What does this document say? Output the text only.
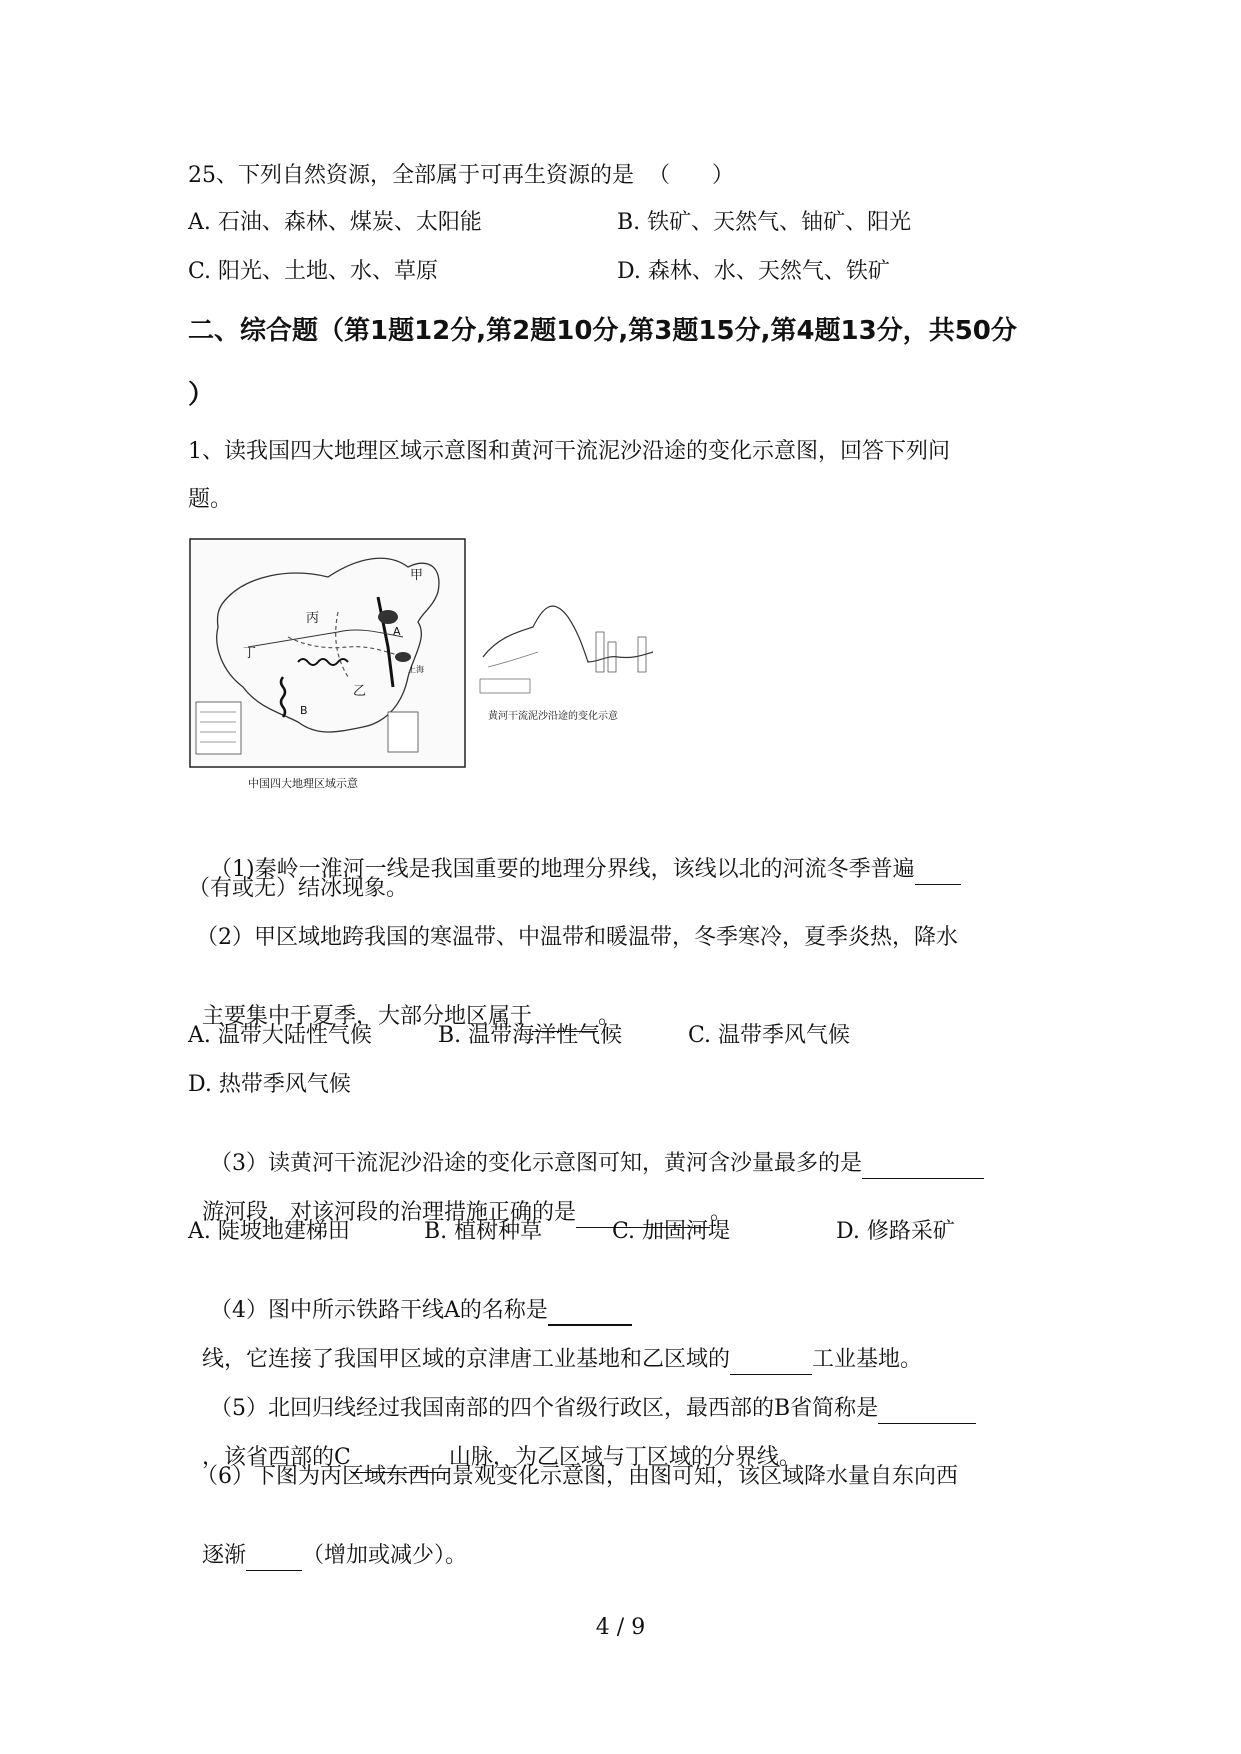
25、下列自然资源，全部属于可再生资源的是  （      ）
A. 石油、森林、煤炭、太阳能	B. 铁矿、天然气、铀矿、阳光
C. 阳光、土地、水、草原	D. 森林、水、天然气、铁矿
二、综合题（第1题12分,第2题10分,第3题15分,第4题13分，共50分
）
1、读我国四大地理区域示意图和黄河干流泥沙沿途的变化示意图，回答下列问
题。
甲
乙
丙
丁
A
B
上海
中国四大地理区域示意
黄河干流泥沙沿途的变化示意

（1)秦岭一淮河一线是我国重要的地理分界线，该线以北的河流冬季普遍

（有或无）结冰现象。
（2）甲区域地跨我国的寒温带、中温带和暖温带，冬季寒冷，夏季炎热，降水

主要集中于夏季，大部分地区属于	。

A. 温带大陆性气候	B. 温带海洋性气候	C. 温带季风气候
D. 热带季风气候

（3）读黄河干流泥沙沿途的变化示意图可知，黄河含沙量最多的是

游河段，对该河段的治理措施正确的是	。

A. 陡坡地建梯田	B. 植树种草	C. 加固河堤	D. 修路采矿

（4）图中所示铁路干线A的名称是

线，它连接了我国甲区域的京津唐工业基地和乙区域的	工业基地。

（5）北回归线经过我国南部的四个省级行政区，最西部的B省简称是

，该省西部的C	山脉，为乙区域与丁区域的分界线。

（6）下图为丙区域东西向景观变化示意图，由图可知，该区域降水量自东向西

逐渐	（增加或减少）。

4 / 9
